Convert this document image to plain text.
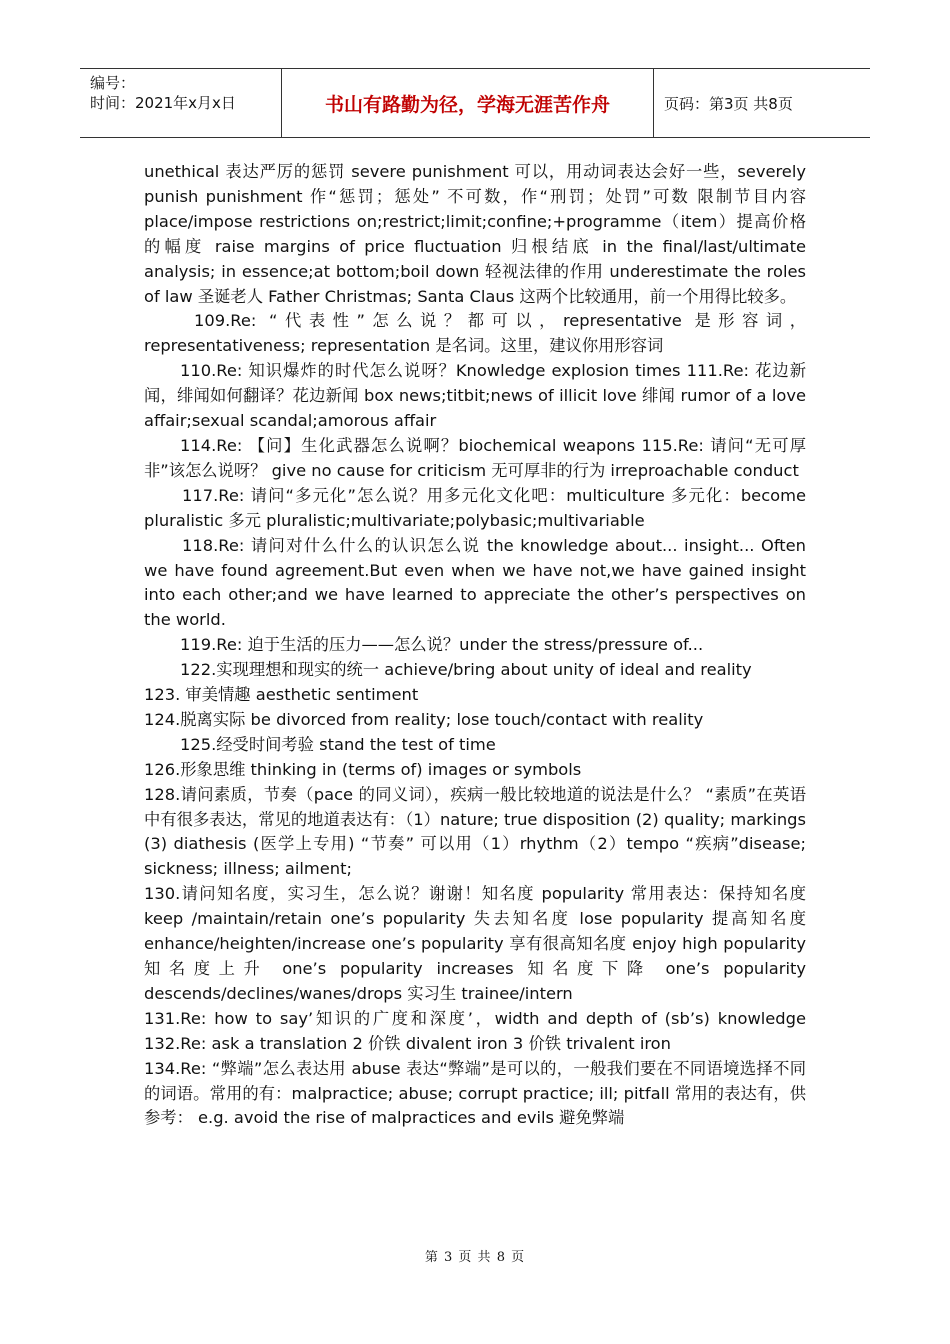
编号：
时间：2021年x月x日	书山有路勤为径，学海无涯苦作舟	页码：第3页 共8页

unethical 表达严厉的惩罚 severe punishment 可以，用动词表达会好一些，severely punish punishment 作“惩罚；惩处” 不可数，作“刑罚；处罚”可数 限制节目内容 place/impose restrictions on;restrict;limit;confine;+programme（item）提高价格的幅度 raise margins of price fluctuation 归根结底 in the final/last/ultimate analysis; in essence;at bottom;boil down 轻视法律的作用 underestimate the roles of law 圣诞老人 Father Christmas; Santa Claus 这两个比较通用，前一个用得比较多。

109.Re: “代表性”怎么说？都可以，representative 是形容词，representativeness; representation 是名词。这里，建议你用形容词

110.Re: 知识爆炸的时代怎么说呀？Knowledge explosion times 111.Re: 花边新闻，绯闻如何翻译？花边新闻 box news;titbit;news of illicit love 绯闻 rumor of a love affair;sexual scandal;amorous affair

114.Re: 【问】生化武器怎么说啊？biochemical weapons 115.Re: 请问“无可厚非”该怎么说呀？ give no cause for criticism 无可厚非的行为 irreproachable conduct

117.Re: 请问“多元化”怎么说？用多元化文化吧：multiculture 多元化：become pluralistic 多元 pluralistic;multivariate;polybasic;multivariable

118.Re: 请问对什么什么的认识怎么说 the knowledge about... insight... Often we have found agreement.But even when we have not,we have gained insight into each other;and we have learned to appreciate the other’s perspectives on the world.

119.Re: 迫于生活的压力——怎么说？under the stress/pressure of...

122.实现理想和现实的统一 achieve/bring about unity of ideal and reality

123. 审美情趣 aesthetic sentiment

124.脱离实际 be divorced from reality; lose touch/contact with reality

125.经受时间考验 stand the test of time

126.形象思维 thinking in (terms of) images or symbols

128.请问素质，节奏（pace 的同义词），疾病一般比较地道的说法是什么？ “素质”在英语中有很多表达，常见的地道表达有：（1）nature; true disposition (2) quality; markings (3) diathesis (医学上专用) “节奏” 可以用（1）rhythm（2）tempo “疾病”disease; sickness; illness; ailment;

130.请问知名度，实习生，怎么说？谢谢！知名度 popularity 常用表达：保持知名度 keep /maintain/retain one’s popularity 失去知名度 lose popularity 提高知名度 enhance/heighten/increase one’s popularity 享有很高知名度 enjoy high popularity 知名度上升 one’s popularity increases 知名度下降 one’s popularity descends/declines/wanes/drops 实习生 trainee/intern

131.Re: how to say’知识的广度和深度’，width and depth of (sb’s) knowledge 132.Re: ask a translation 2 价铁 divalent iron 3 价铁 trivalent iron

134.Re: “弊端”怎么表达用 abuse 表达“弊端”是可以的，一般我们要在不同语境选择不同的词语。常用的有：malpractice; abuse; corrupt practice; ill; pitfall 常用的表达有，供参考： e.g. avoid the rise of malpractices and evils 避免弊端

第 3 页 共 8 页
